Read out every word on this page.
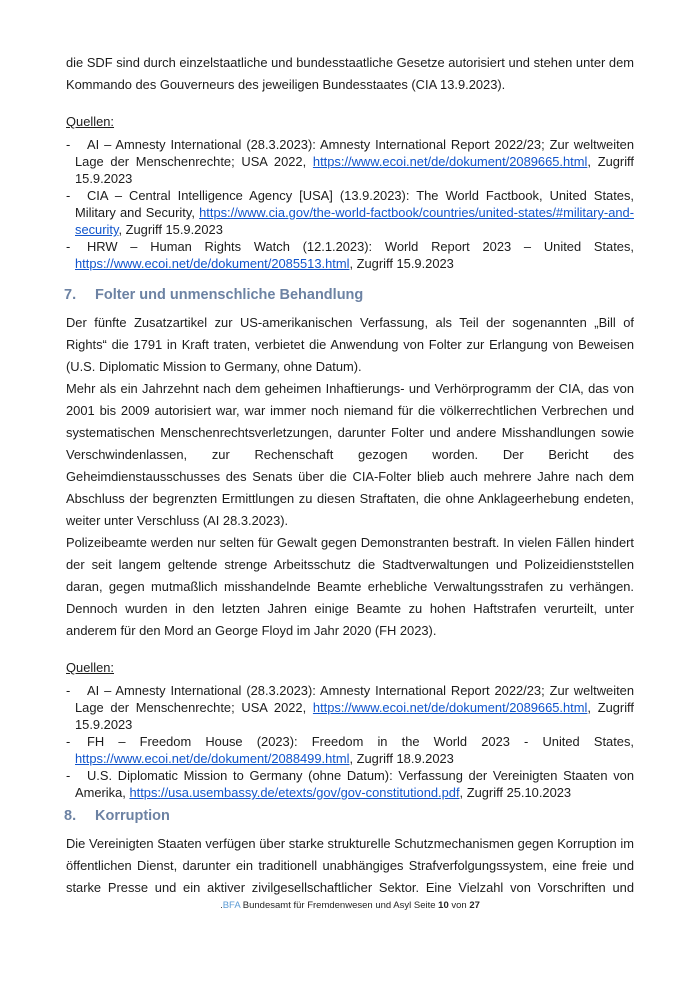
die SDF sind durch einzelstaatliche und bundesstaatliche Gesetze autorisiert und stehen unter dem Kommando des Gouverneurs des jeweiligen Bundesstaates (CIA 13.9.2023).

Quellen:
- AI – Amnesty International (28.3.2023): Amnesty International Report 2022/23; Zur weltweiten Lage der Menschenrechte; USA 2022, https://www.ecoi.net/de/dokument/2089665.html, Zugriff 15.9.2023
- CIA – Central Intelligence Agency [USA] (13.9.2023): The World Factbook, United States, Military and Security, https://www.cia.gov/the-world-factbook/countries/united-states/#military-and-security, Zugriff 15.9.2023
- HRW – Human Rights Watch (12.1.2023): World Report 2023 – United States, https://www.ecoi.net/de/dokument/2085513.html, Zugriff 15.9.2023
7.	Folter und unmenschliche Behandlung

Der fünfte Zusatzartikel zur US-amerikanischen Verfassung, als Teil der sogenannten „Bill of Rights“ die 1791 in Kraft traten, verbietet die Anwendung von Folter zur Erlangung von Beweisen (U.S. Diplomatic Mission to Germany, ohne Datum).

Mehr als ein Jahrzehnt nach dem geheimen Inhaftierungs- und Verhörprogramm der CIA, das von 2001 bis 2009 autorisiert war, war immer noch niemand für die völkerrechtlichen Verbrechen und systematischen Menschenrechtsverletzungen, darunter Folter und andere Misshandlungen sowie Verschwindenlassen, zur Rechenschaft gezogen worden. Der Bericht des Geheimdienstausschusses des Senats über die CIA-Folter blieb auch mehrere Jahre nach dem Abschluss der begrenzten Ermittlungen zu diesen Straftaten, die ohne Anklageerhebung endeten, weiter unter Verschluss (AI 28.3.2023).

Polizeibeamte werden nur selten für Gewalt gegen Demonstranten bestraft. In vielen Fällen hindert der seit langem geltende strenge Arbeitsschutz die Stadtverwaltungen und Polizeidienststellen daran, gegen mutmaßlich misshandelnde Beamte erhebliche Verwaltungsstrafen zu verhängen. Dennoch wurden in den letzten Jahren einige Beamte zu hohen Haftstrafen verurteilt, unter anderem für den Mord an George Floyd im Jahr 2020 (FH 2023).

Quellen:
- AI – Amnesty International (28.3.2023): Amnesty International Report 2022/23; Zur weltweiten Lage der Menschenrechte; USA 2022, https://www.ecoi.net/de/dokument/2089665.html, Zugriff 15.9.2023
- FH – Freedom House (2023): Freedom in the World 2023 - United States, https://www.ecoi.net/de/dokument/2088499.html, Zugriff 18.9.2023
- U.S. Diplomatic Mission to Germany (ohne Datum): Verfassung der Vereinigten Staaten von Amerika, https://usa.usembassy.de/etexts/gov/gov-constitutiond.pdf, Zugriff 25.10.2023
8.	Korruption

Die Vereinigten Staaten verfügen über starke strukturelle Schutzmechanismen gegen Korruption im öffentlichen Dienst, darunter ein traditionell unabhängiges Strafverfolgungssystem, eine freie und starke Presse und ein aktiver zivilgesellschaftlicher Sektor. Eine Vielzahl von Vorschriften und

.BFA Bundesamt für Fremdenwesen und Asyl Seite 10 von 27
